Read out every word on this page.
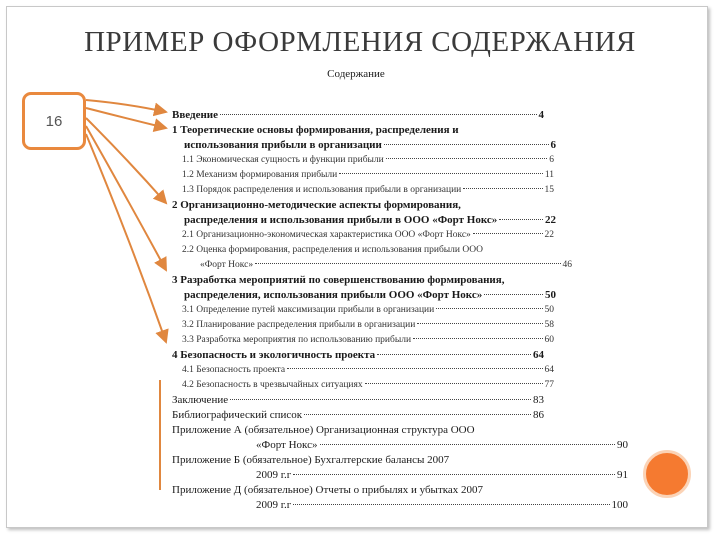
ПРИМЕР ОФОРМЛЕНИЯ СОДЕРЖАНИЯ
16
Содержание
Введение	4
1 Теоретические основы формирования, распределения и
использования прибыли в организации	6
1.1 Экономическая сущность и функции прибыли	6
1.2 Механизм формирования прибыли	11
1.3 Порядок распределения и использования прибыли в организации	15
2 Организационно-методические аспекты формирования,
распределения и использования прибыли в ООО «Форт Нокс»	22
2.1 Организационно-экономическая характеристика ООО «Форт Нокс»	22
2.2 Оценка формирования, распределения и использования прибыли ООО
«Форт Нокс»	46
3 Разработка мероприятий по совершенствованию формирования,
распределения, использования прибыли ООО «Форт Нокс»	50
3.1 Определение путей максимизации прибыли в организации	50
3.2 Планирование распределения прибыли в организации	58
3.3 Разработка мероприятия по использованию прибыли	60
4 Безопасность и экологичность проекта	64
4.1 Безопасность проекта	64
4.2 Безопасность в чрезвычайных ситуациях	77
Заключение	83
Библиографический список	86
Приложение А (обязательное) Организационная структура ООО
«Форт Нокс»	90
Приложение Б (обязательное) Бухгалтерские балансы 2007
2009 г.г	91
Приложение Д (обязательное) Отчеты о прибылях и убытках 2007
2009 г.г	100
